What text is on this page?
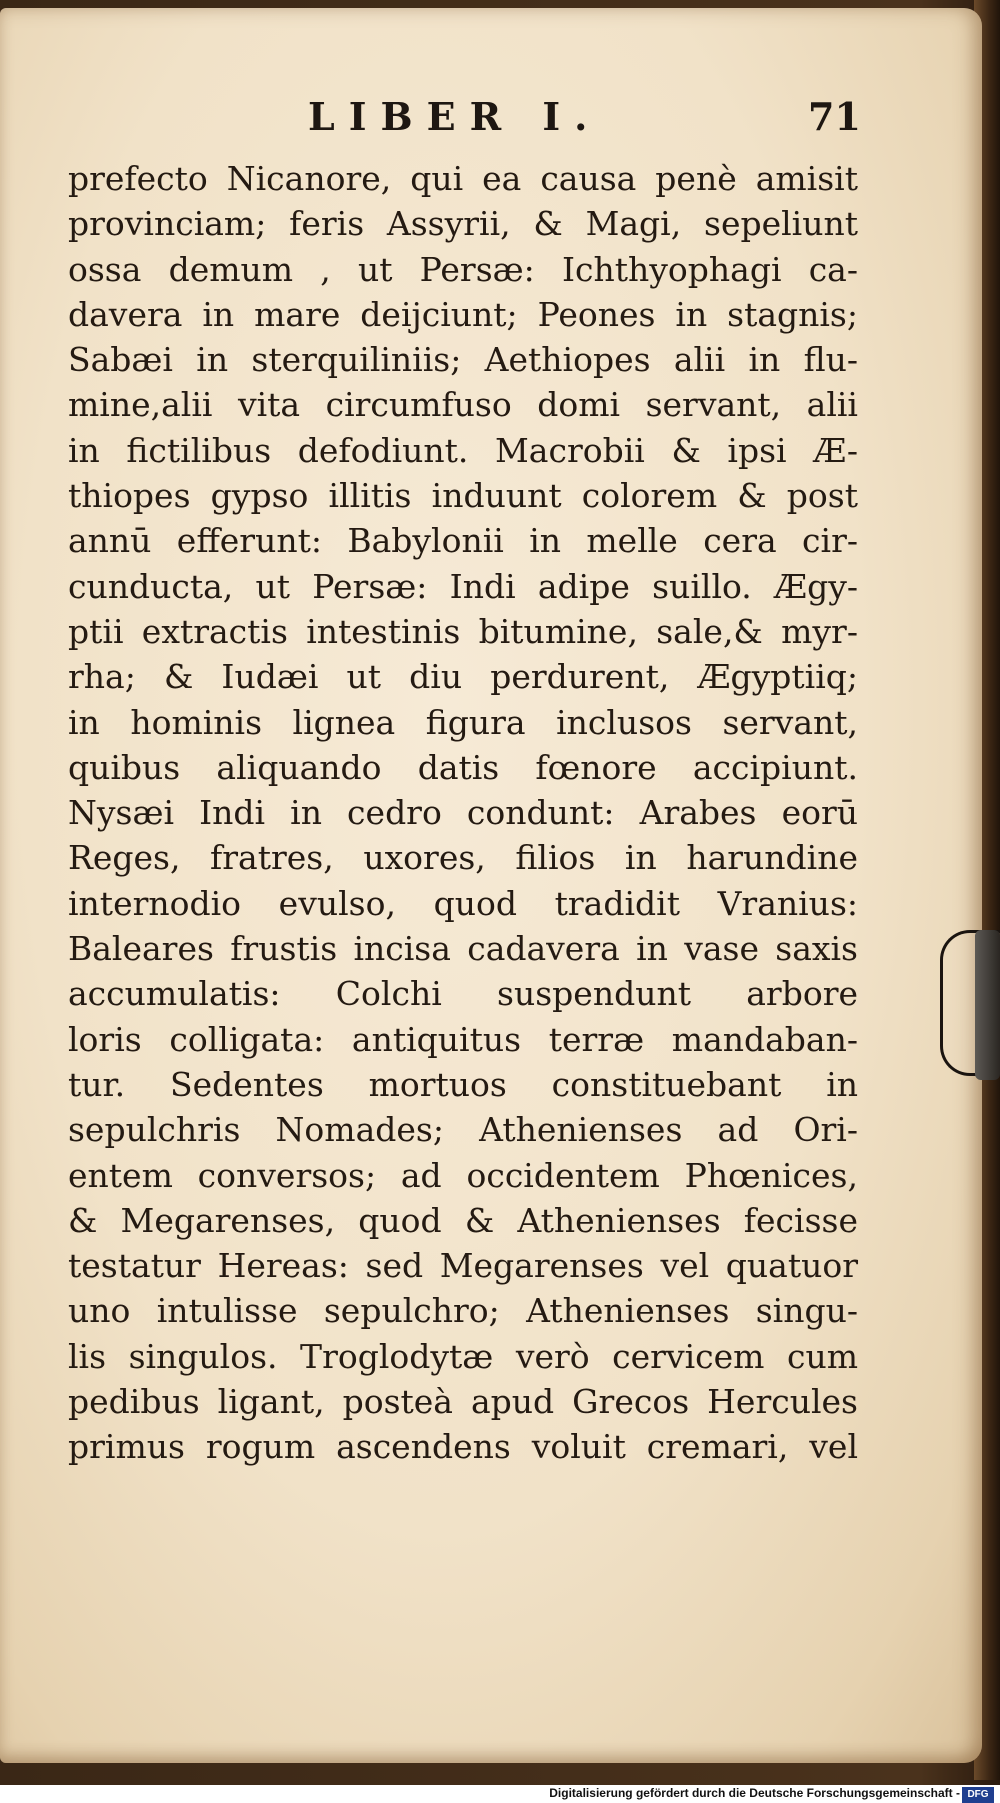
LIBER I.	71
prefecto Nicanore, qui ea causa penè amisit
provinciam; feris Assyrii, & Magi, sepeliunt
ossa demum , ut Persæ: Ichthyophagi ca-
davera in mare deijciunt; Peones in stagnis;
Sabæi in sterquiliniis; Aethiopes alii in flu-
mine,alii vita circumfuso domi servant, alii
in fictilibus defodiunt. Macrobii & ipsi Æ-
thiopes gypso illitis induunt colorem & post
annū efferunt: Babylonii in melle cera cir-
cunducta, ut Persæ: Indi adipe suillo. Ægy-
ptii extractis intestinis bitumine, sale,& myr-
rha; & Iudæi ut diu perdurent, Ægyptiiq;
in hominis lignea figura inclusos servant,
quibus aliquando datis fœnore accipiunt.
Nysæi Indi in cedro condunt: Arabes eorū
Reges, fratres, uxores, filios in harundine
internodio evulso, quod tradidit Vranius:
Baleares frustis incisa cadavera in vase saxis
accumulatis: Colchi suspendunt arbore
loris colligata: antiquitus terræ mandaban-
tur. Sedentes mortuos constituebant in
sepulchris Nomades; Athenienses ad Ori-
entem conversos; ad occidentem Phœnices,
& Megarenses, quod & Athenienses fecisse
testatur Hereas: sed Megarenses vel quatuor
uno intulisse sepulchro; Athenienses singu-
lis singulos. Troglodytæ verò cervicem cum
pedibus ligant, posteà apud Grecos Hercules
primus rogum ascendens voluit cremari, vel
Digitalisierung gefördert durch die Deutsche Forschungsgemeinschaft - DFG
